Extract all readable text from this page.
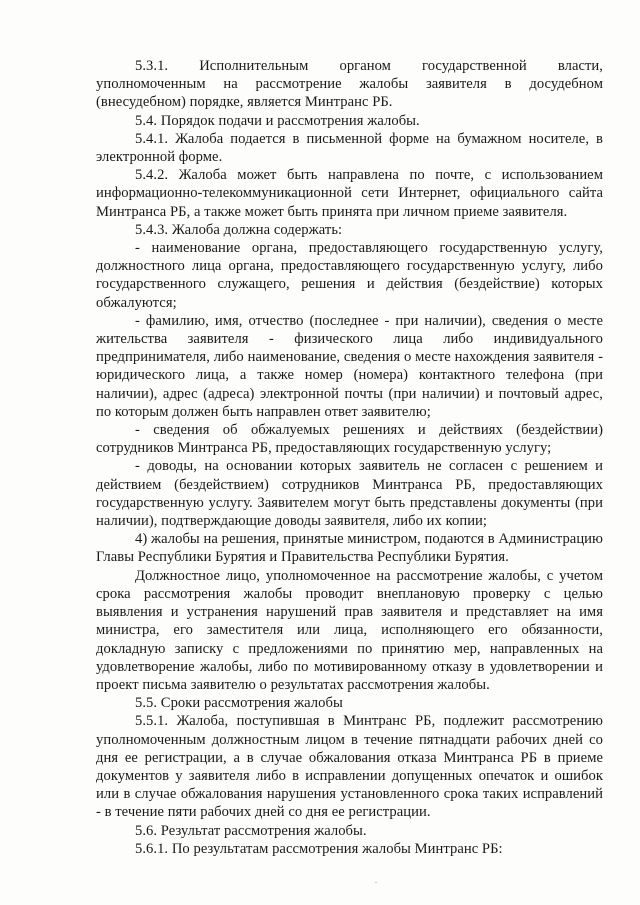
5.3.1. Исполнительным органом государственной власти, уполномоченным на рассмотрение жалобы заявителя в досудебном (внесудебном) порядке, является Минтранс РБ.

5.4. Порядок подачи и рассмотрения жалобы.

5.4.1. Жалоба подается в письменной форме на бумажном носителе, в электронной форме.

5.4.2. Жалоба может быть направлена по почте, с использованием информационно-телекоммуникационной сети Интернет, официального сайта Минтранса РБ, а также может быть принята при личном приеме заявителя.

5.4.3. Жалоба должна содержать:

- наименование органа, предоставляющего государственную услугу, должностного лица органа, предоставляющего государственную услугу, либо государственного служащего, решения и действия (бездействие) которых обжалуются;

- фамилию, имя, отчество (последнее - при наличии), сведения о месте жительства заявителя - физического лица либо индивидуального предпринимателя, либо наименование, сведения о месте нахождения заявителя - юридического лица, а также номер (номера) контактного телефона (при наличии), адрес (адреса) электронной почты (при наличии) и почтовый адрес, по которым должен быть направлен ответ заявителю;

- сведения об обжалуемых решениях и действиях (бездействии) сотрудников Минтранса РБ, предоставляющих государственную услугу;

- доводы, на основании которых заявитель не согласен с решением и действием (бездействием) сотрудников Минтранса РБ, предоставляющих государственную услугу. Заявителем могут быть представлены документы (при наличии), подтверждающие доводы заявителя, либо их копии;

4) жалобы на решения, принятые министром, подаются в Администрацию Главы Республики Бурятия и Правительства Республики Бурятия.

Должностное лицо, уполномоченное на рассмотрение жалобы, с учетом срока рассмотрения жалобы проводит внеплановую проверку с целью выявления и устранения нарушений прав заявителя и представляет на имя министра, его заместителя или лица, исполняющего его обязанности, докладную записку с предложениями по принятию мер, направленных на удовлетворение жалобы, либо по мотивированному отказу в удовлетворении и проект письма заявителю о результатах рассмотрения жалобы.

5.5. Сроки рассмотрения жалобы

5.5.1. Жалоба, поступившая в Минтранс РБ, подлежит рассмотрению уполномоченным должностным лицом в течение пятнадцати рабочих дней со дня ее регистрации, а в случае обжалования отказа Минтранса РБ в приеме документов у заявителя либо в исправлении допущенных опечаток и ошибок или в случае обжалования нарушения установленного срока таких исправлений - в течение пяти рабочих дней со дня ее регистрации.

5.6. Результат рассмотрения жалобы.

5.6.1. По результатам рассмотрения жалобы Минтранс РБ:
